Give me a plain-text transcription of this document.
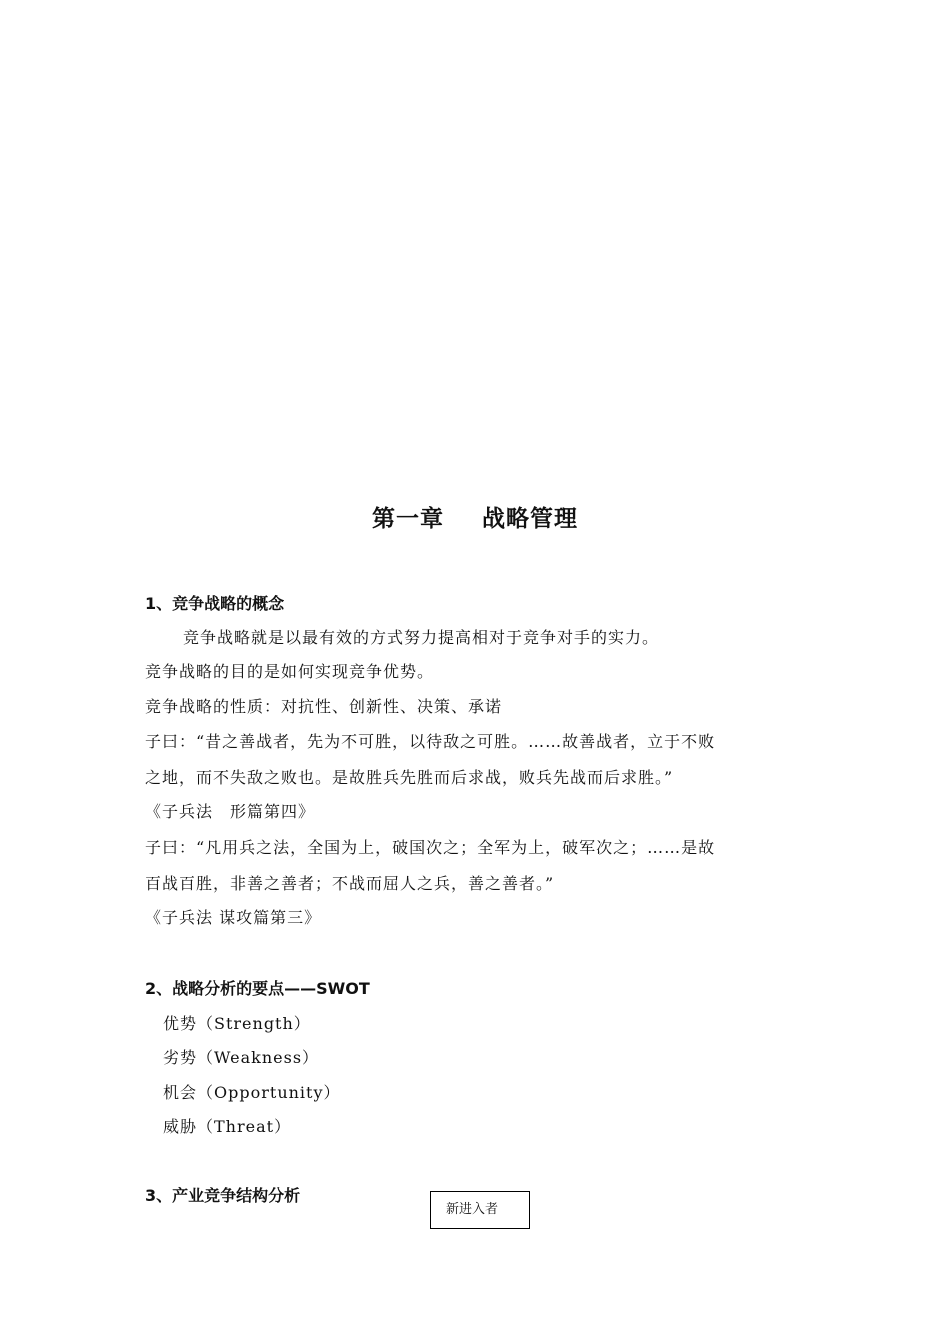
第一章 战略管理
1、竞争战略的概念
竞争战略就是以最有效的方式努力提高相对于竞争对手的实力。
竞争战略的目的是如何实现竞争优势。
竞争战略的性质：对抗性、创新性、决策、承诺
子曰：“昔之善战者，先为不可胜，以待敌之可胜。……故善战者，立于不败
之地，而不失敌之败也。是故胜兵先胜而后求战，败兵先战而后求胜。”
《子兵法　形篇第四》
子曰：“凡用兵之法，全国为上，破国次之；全军为上，破军次之；……是故
百战百胜，非善之善者；不战而屈人之兵，善之善者。”
《子兵法 谋攻篇第三》
2、战略分析的要点——SWOT
优势（Strength）
劣势（Weakness）
机会（Opportunity）
威胁（Threat）
3、产业竞争结构分析
新进入者
